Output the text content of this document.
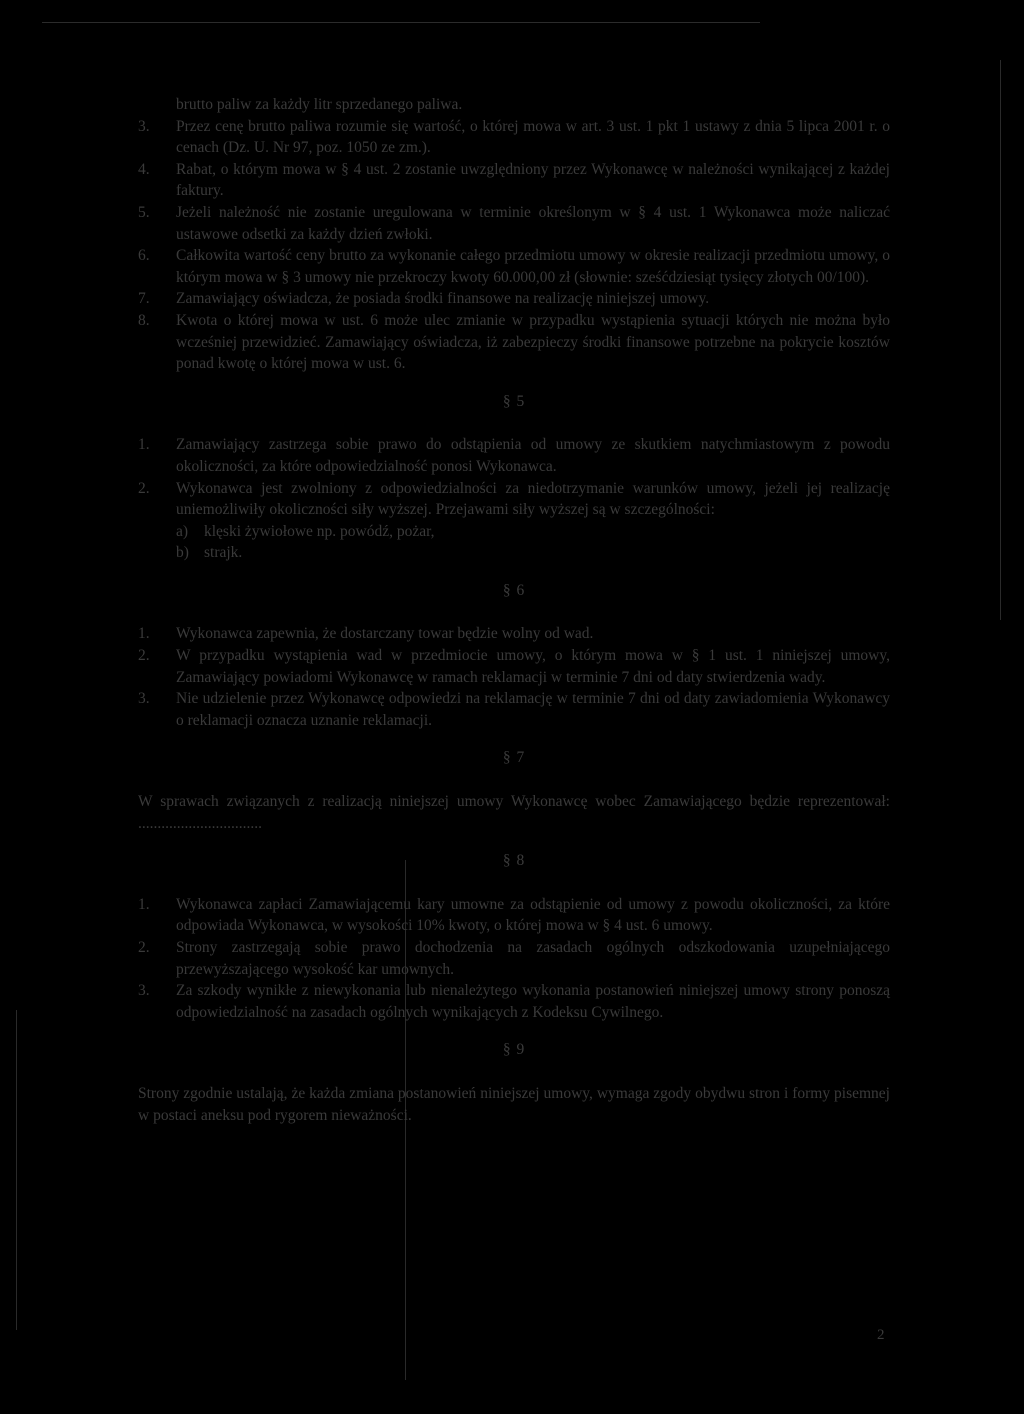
brutto paliw za każdy litr sprzedanego paliwa.
3. Przez cenę brutto paliwa rozumie się wartość, o której mowa w art. 3 ust. 1 pkt 1 ustawy z dnia 5 lipca 2001 r. o cenach (Dz. U. Nr 97, poz. 1050 ze zm.).
4. Rabat, o którym mowa w § 4 ust. 2 zostanie uwzględniony przez Wykonawcę w należności wynikającej z każdej faktury.
5. Jeżeli należność nie zostanie uregulowana w terminie określonym w § 4 ust. 1 Wykonawca może naliczać ustawowe odsetki za każdy dzień zwłoki.
6. Całkowita wartość ceny brutto za wykonanie całego przedmiotu umowy w okresie realizacji przedmiotu umowy, o którym mowa w § 3 umowy nie przekroczy kwoty 60.000,00 zł (słownie: sześćdziesiąt tysięcy złotych 00/100).
7. Zamawiający oświadcza, że posiada środki finansowe na realizację niniejszej umowy.
8. Kwota o której mowa w ust. 6 może ulec zmianie w przypadku wystąpienia sytuacji których nie można było wcześniej przewidzieć. Zamawiający oświadcza, iż zabezpieczy środki finansowe potrzebne na pokrycie kosztów ponad kwotę o której mowa w ust. 6.
§ 5
1. Zamawiający zastrzega sobie prawo do odstąpienia od umowy ze skutkiem natychmiastowym z powodu okoliczności, za które odpowiedzialność ponosi Wykonawca.
2. Wykonawca jest zwolniony z odpowiedzialności za niedotrzymanie warunków umowy, jeżeli jej realizację uniemożliwiły okoliczności siły wyższej. Przejawami siły wyższej są w szczególności:
a) klęski żywiołowe np. powódź, pożar,
b) strajk.
§ 6
1. Wykonawca zapewnia, że dostarczany towar będzie wolny od wad.
2. W przypadku wystąpienia wad w przedmiocie umowy, o którym mowa w § 1 ust. 1 niniejszej umowy, Zamawiający powiadomi Wykonawcę w ramach reklamacji w terminie 7 dni od daty stwierdzenia wady.
3. Nie udzielenie przez Wykonawcę odpowiedzi na reklamację w terminie 7 dni od daty zawiadomienia Wykonawcy o reklamacji oznacza uznanie reklamacji.
§ 7
W sprawach związanych z realizacją niniejszej umowy Wykonawcę wobec Zamawiającego będzie reprezentował: ................................
§ 8
1. Wykonawca zapłaci Zamawiającemu kary umowne za odstąpienie od umowy z powodu okoliczności, za które odpowiada Wykonawca, w wysokości 10% kwoty, o której mowa w § 4 ust. 6 umowy.
2. Strony zastrzegają sobie prawo dochodzenia na zasadach ogólnych odszkodowania uzupełniającego przewyższającego wysokość kar umownych.
3. Za szkody wynikłe z niewykonania lub nienależytego wykonania postanowień niniejszej umowy strony ponoszą odpowiedzialność na zasadach ogólnych wynikających z Kodeksu Cywilnego.
§ 9
Strony zgodnie ustalają, że każda zmiana postanowień niniejszej umowy, wymaga zgody obydwu stron i formy pisemnej w postaci aneksu pod rygorem nieważności.
2
